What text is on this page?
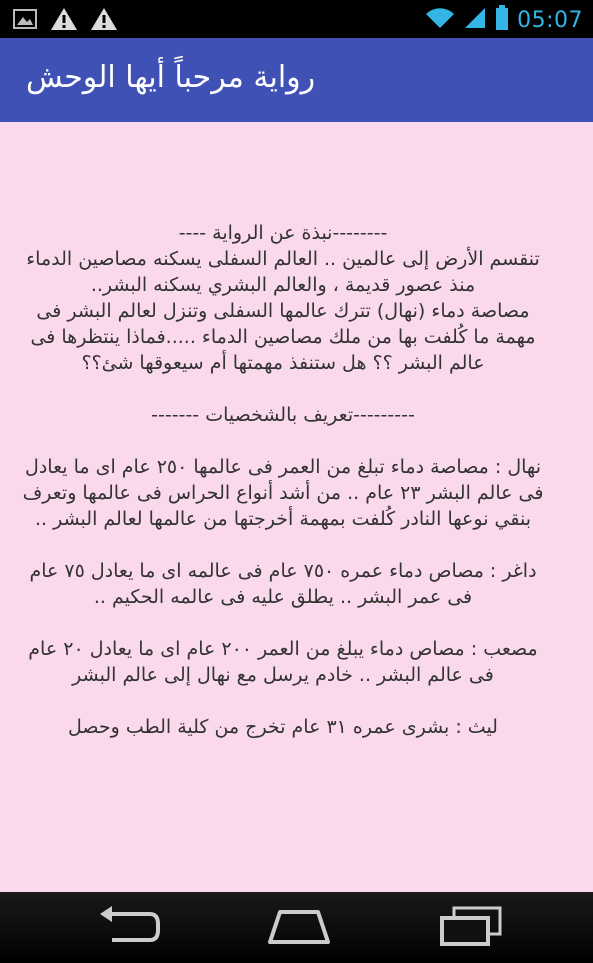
05:07
رواية مرحباً أيها الوحش

--------نبذة عن الرواية ----
تنقسم الأرض إلى عالمين .. العالم السفلى يسكنه مصاصين الدماء منذ عصور قديمة ، والعالم البشري يسكنه البشر..

مصاصة دماء (نهال) تترك عالمها السفلى وتنزل لعالم البشر فى مهمة ما كُلفت بها من ملك مصاصين الدماء .....فماذا ينتظرها فى عالم البشر ؟؟ هل ستنفذ مهمتها أم سيعوقها شئ؟؟

---------تعريف بالشخصيات -------

نهال : مصاصة دماء تبلغ من العمر فى عالمها ٢٥٠ عام اى ما يعادل فى عالم البشر ٢٣ عام .. من أشد أنواع الحراس فى عالمها وتعرف بنقي نوعها النادر كُلفت بمهمة أخرجتها من عالمها لعالم البشر ..

داغر : مصاص دماء عمره ٧٥٠ عام فى عالمه اى ما يعادل ٧٥ عام فى عمر البشر .. يطلق عليه فى عالمه الحكيم ..

مصعب : مصاص دماء يبلغ من العمر ٢٠٠ عام اى ما يعادل ٢٠ عام فى عالم البشر .. خادم يرسل مع نهال إلى عالم البشر

ليث : بشرى عمره ٣١ عام تخرج من كلية الطب وحصل
